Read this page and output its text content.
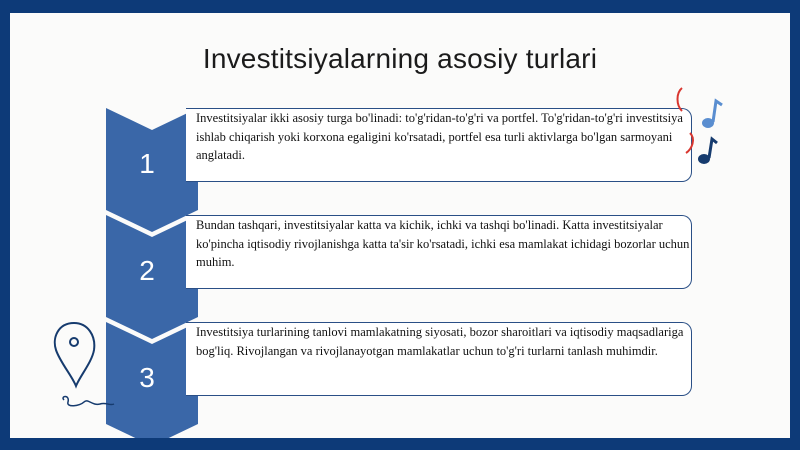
Investitsiyalarning asosiy turlari
1
Investitsiyalar ikki asosiy turga bo'linadi: to'g'ridan-to'g'ri va portfel. To'g'ridan-to'g'ri investitsiya ishlab chiqarish yoki korxona egaligini ko'rsatadi, portfel esa turli aktivlarga bo'lgan sarmoyani anglatadi.
2
Bundan tashqari, investitsiyalar katta va kichik, ichki va tashqi bo'linadi. Katta investitsiyalar ko'pincha iqtisodiy rivojlanishga katta ta'sir ko'rsatadi, ichki esa mamlakat ichidagi bozorlar uchun muhim.
3
Investitsiya turlarining tanlovi mamlakatning siyosati, bozor sharoitlari va iqtisodiy maqsadlariga bog'liq. Rivojlangan va rivojlanayotgan mamlakatlar uchun to'g'ri turlarni tanlash muhimdir.
